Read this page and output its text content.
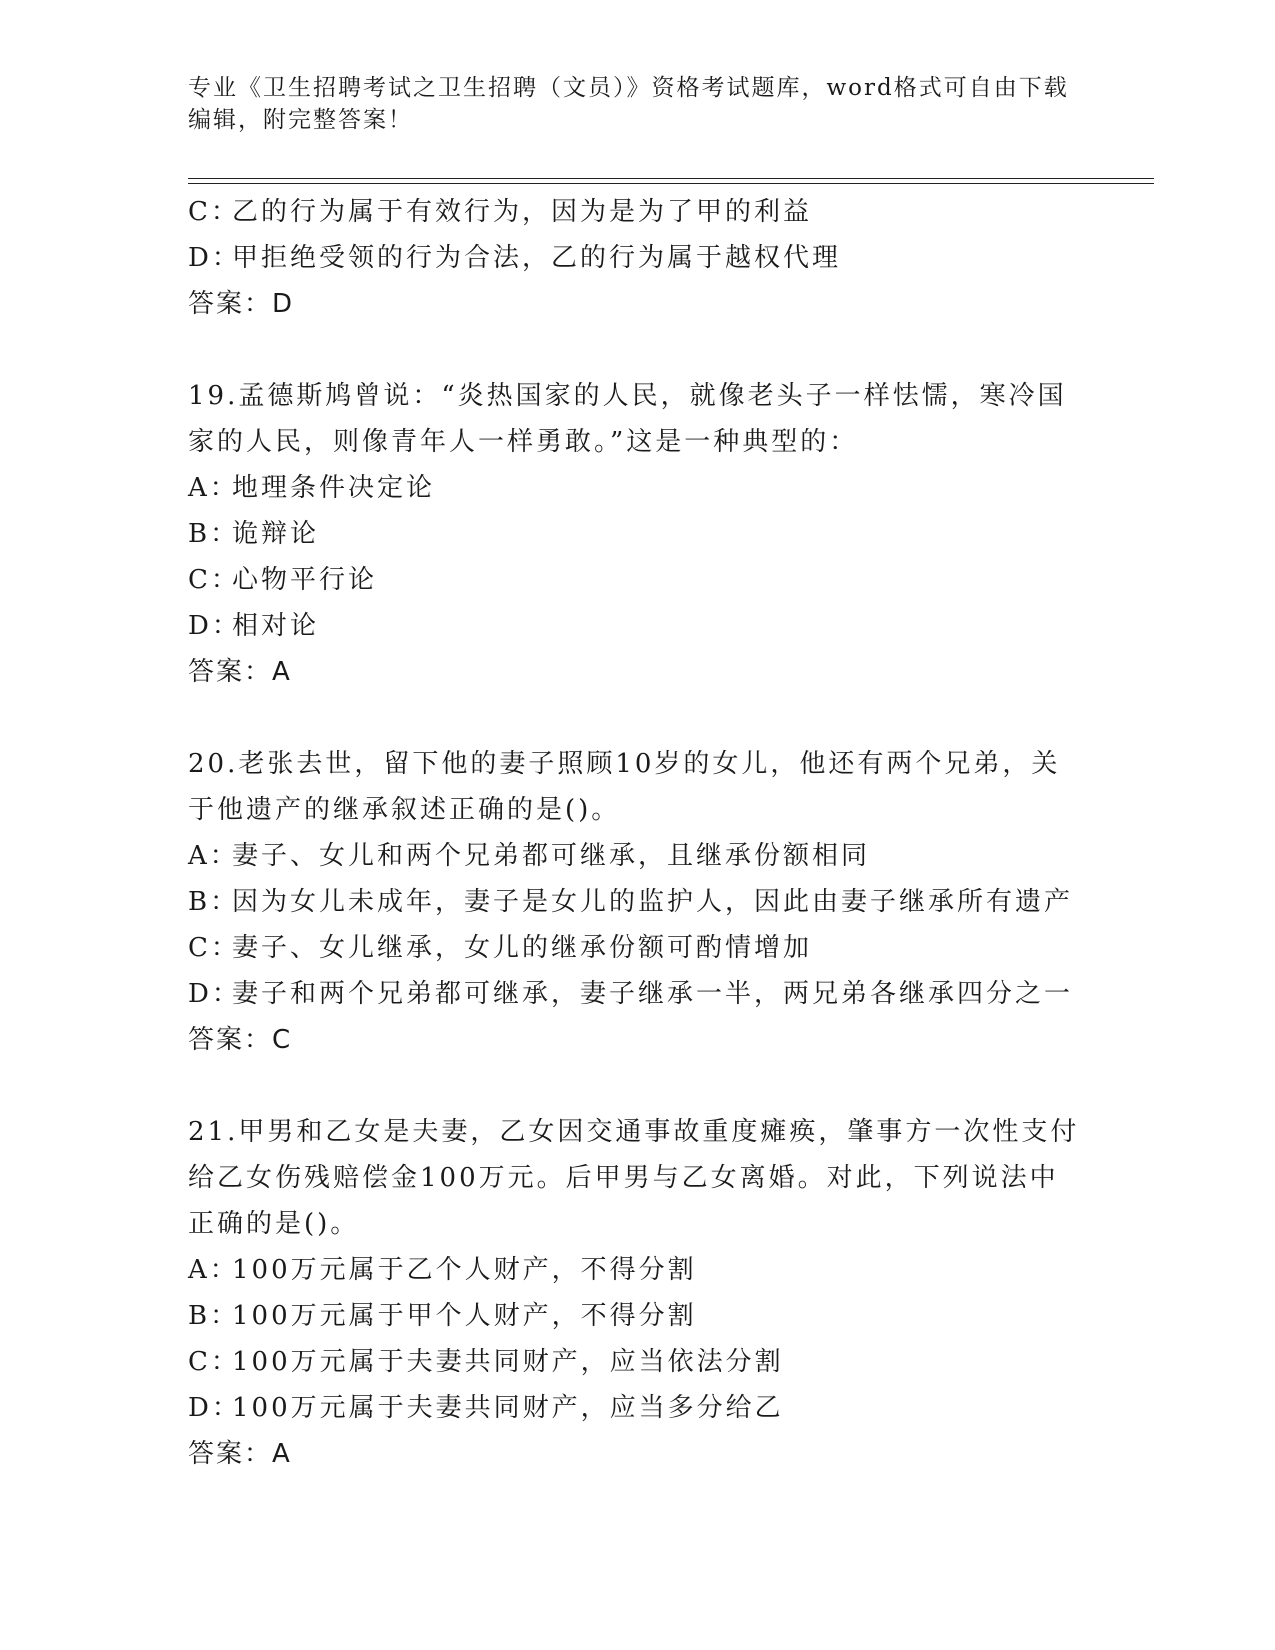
专业《卫生招聘考试之卫生招聘（文员）》资格考试题库，word格式可自由下载
编辑，附完整答案！
C：
乙的行为属于有效行为，因为是为了甲的利益
D：
甲拒绝受领的行为合法，乙的行为属于越权代理
答案：D
19.孟德斯鸠曾说：“炎热国家的人民，就像老头子一样怯懦，寒冷国
家的人民，则像青年人一样勇敢。”这是一种典型的：
A：
地理条件决定论
B：
诡辩论
C：
心物平行论
D：
相对论
答案：A
20.老张去世，留下他的妻子照顾10岁的女儿，他还有两个兄弟，关
于他遗产的继承叙述正确的是()。
A：
妻子、女儿和两个兄弟都可继承，且继承份额相同
B：
因为女儿未成年，妻子是女儿的监护人，因此由妻子继承所有遗产
C：
妻子、女儿继承，女儿的继承份额可酌情增加
D：
妻子和两个兄弟都可继承，妻子继承一半，两兄弟各继承四分之一
答案：C
21.甲男和乙女是夫妻，乙女因交通事故重度瘫痪，肇事方一次性支付
给乙女伤残赔偿金100万元。后甲男与乙女离婚。对此，下列说法中
正确的是()。
A：
100万元属于乙个人财产，不得分割
B：
100万元属于甲个人财产，不得分割
C：
100万元属于夫妻共同财产，应当依法分割
D：
100万元属于夫妻共同财产，应当多分给乙
答案：A
